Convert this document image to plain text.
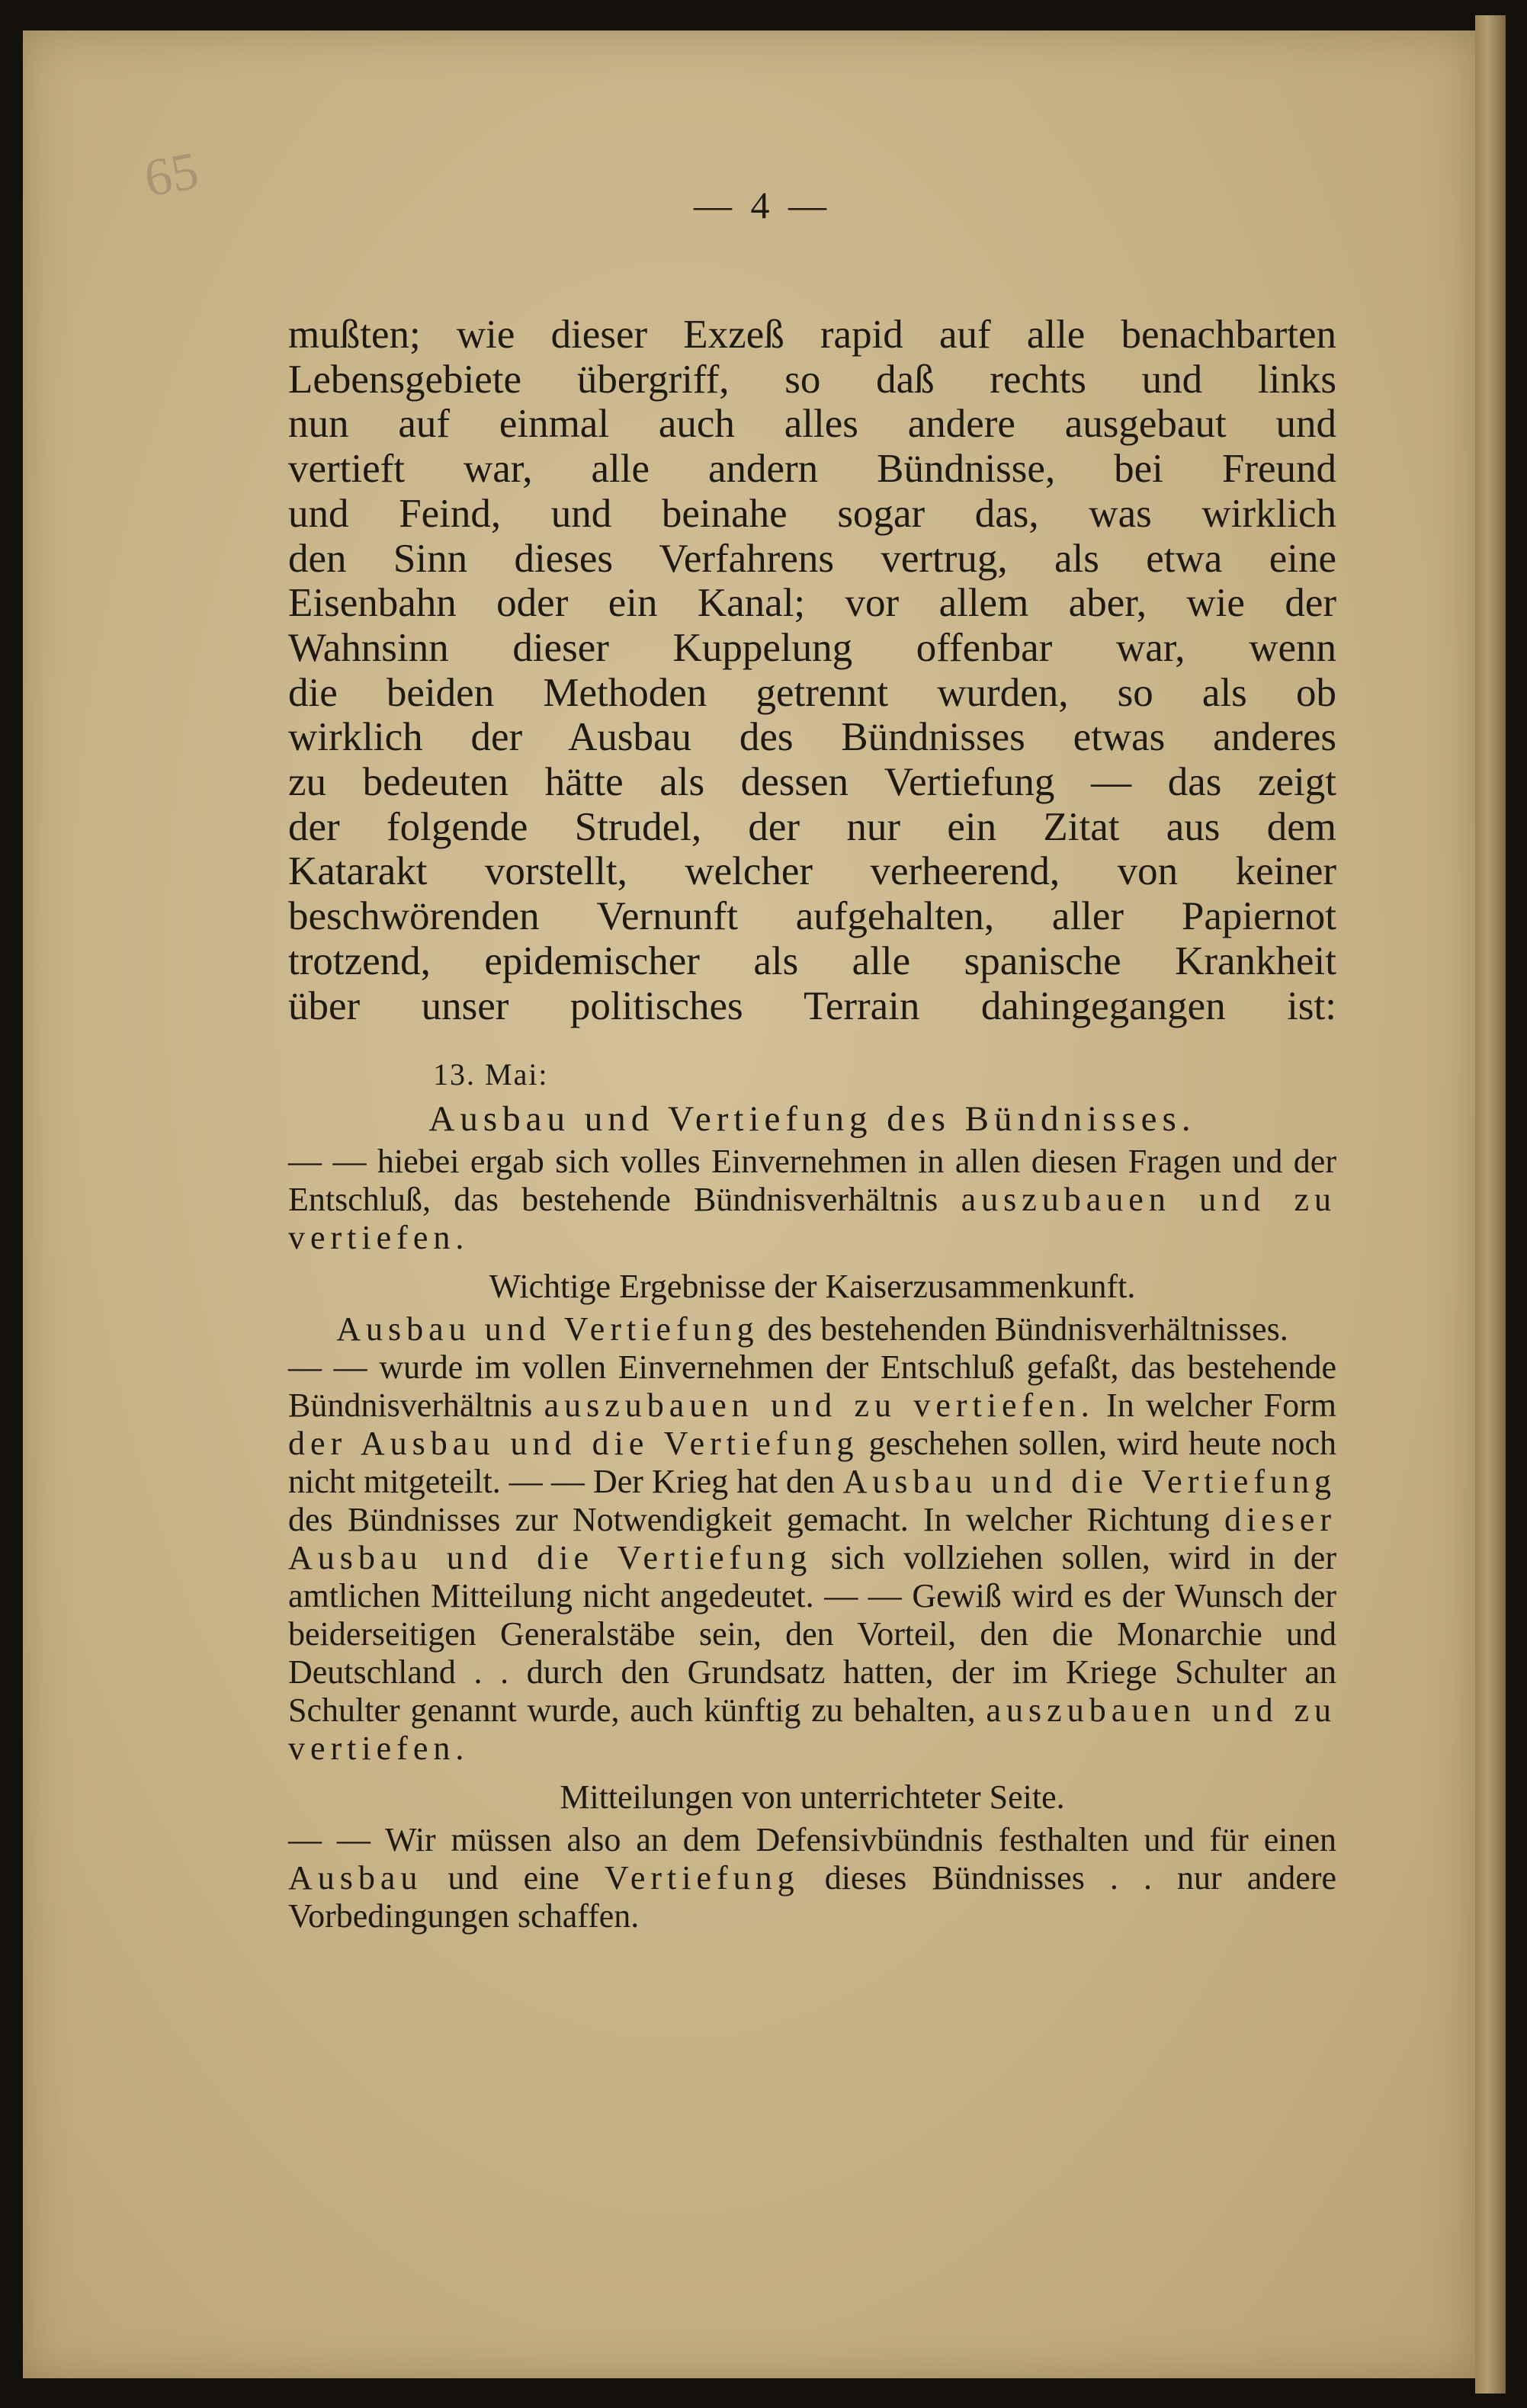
65	— 4 —

mußten; wie dieser Exzeß rapid auf alle benachbarten

Lebensgebiete übergriff, so daß rechts und links

nun auf einmal auch alles andere ausgebaut und

vertieft war, alle andern Bündnisse, bei Freund

und Feind, und beinahe sogar das, was wirklich

den Sinn dieses Verfahrens vertrug, als etwa eine

Eisenbahn oder ein Kanal; vor allem aber, wie der

Wahnsinn dieser Kuppelung offenbar war, wenn

die beiden Methoden getrennt wurden, so als ob

wirklich der Ausbau des Bündnisses etwas anderes

zu bedeuten hätte als dessen Vertiefung — das zeigt

der folgende Strudel, der nur ein Zitat aus dem

Katarakt vorstellt, welcher verheerend, von keiner

beschwörenden Vernunft aufgehalten, aller Papiernot

trotzend, epidemischer als alle spanische Krankheit

über unser politisches Terrain dahingegangen ist:

13. Mai:

Ausbau und Vertiefung des Bündnisses.

— — hiebei ergab sich volles Einvernehmen in allen diesen Fragen und der Entschluß, das bestehende Bündnisverhältnis auszubauen und zu vertiefen.

Wichtige Ergebnisse der Kaiserzusammenkunft.

Ausbau und Vertiefung des bestehenden Bündnisverhältnisses.

— — wurde im vollen Einvernehmen der Entschluß gefaßt, das bestehende Bündnisverhältnis auszubauen und zu vertiefen. In welcher Form der Ausbau und die Vertiefung geschehen sollen, wird heute noch nicht mitgeteilt. — — Der Krieg hat den Ausbau und die Vertiefung des Bündnisses zur Notwendigkeit gemacht. In welcher Richtung dieser Ausbau und die Vertiefung sich vollziehen sollen, wird in der amtlichen Mitteilung nicht angedeutet. — — Gewiß wird es der Wunsch der beiderseitigen Generalstäbe sein, den Vorteil, den die Monarchie und Deutschland . . durch den Grundsatz hatten, der im Kriege Schulter an Schulter genannt wurde, auch künftig zu behalten, auszubauen und zu vertiefen.

Mitteilungen von unterrichteter Seite.

— — Wir müssen also an dem Defensivbündnis festhalten und für einen Ausbau und eine Vertiefung dieses Bündnisses . . nur andere Vorbedingungen schaffen.
